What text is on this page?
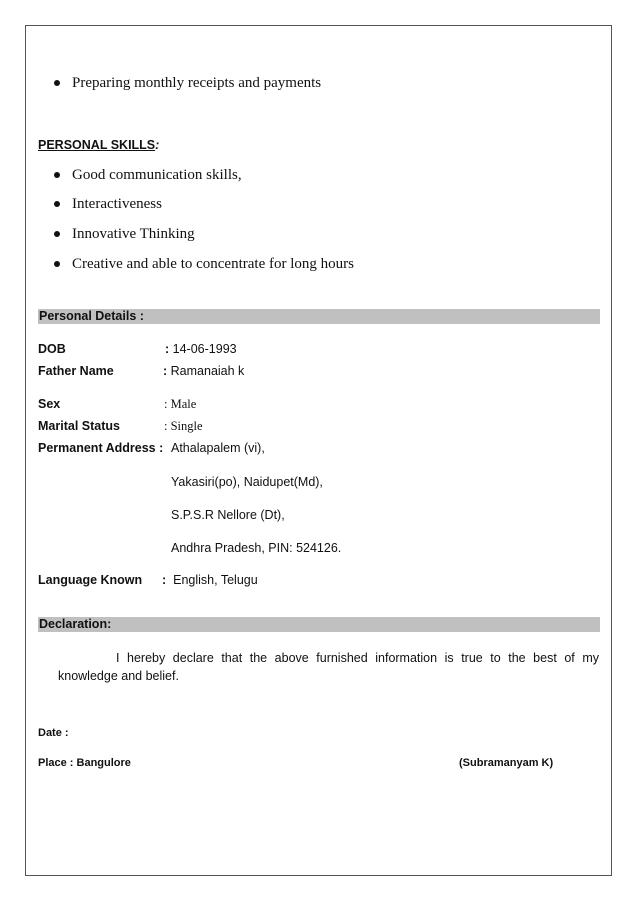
Preparing monthly receipts and payments
PERSONAL SKILLS:
Good communication skills,
Interactiveness
Innovative Thinking
Creative and able to concentrate for long hours
Personal Details :
DOB	: 14-06-1993
Father Name	: Ramanaiah k
Sex	: Male
Marital Status	: Single
Permanent Address : Athalapalem (vi),
Yakasiri(po), Naidupet(Md),
S.P.S.R Nellore (Dt),
Andhra Pradesh, PIN: 524126.
Language Known : English, Telugu
Declaration:
I hereby declare that the above furnished information is true to the best of my knowledge and belief.
Date :
Place : Bangulore	(Subramanyam K)
